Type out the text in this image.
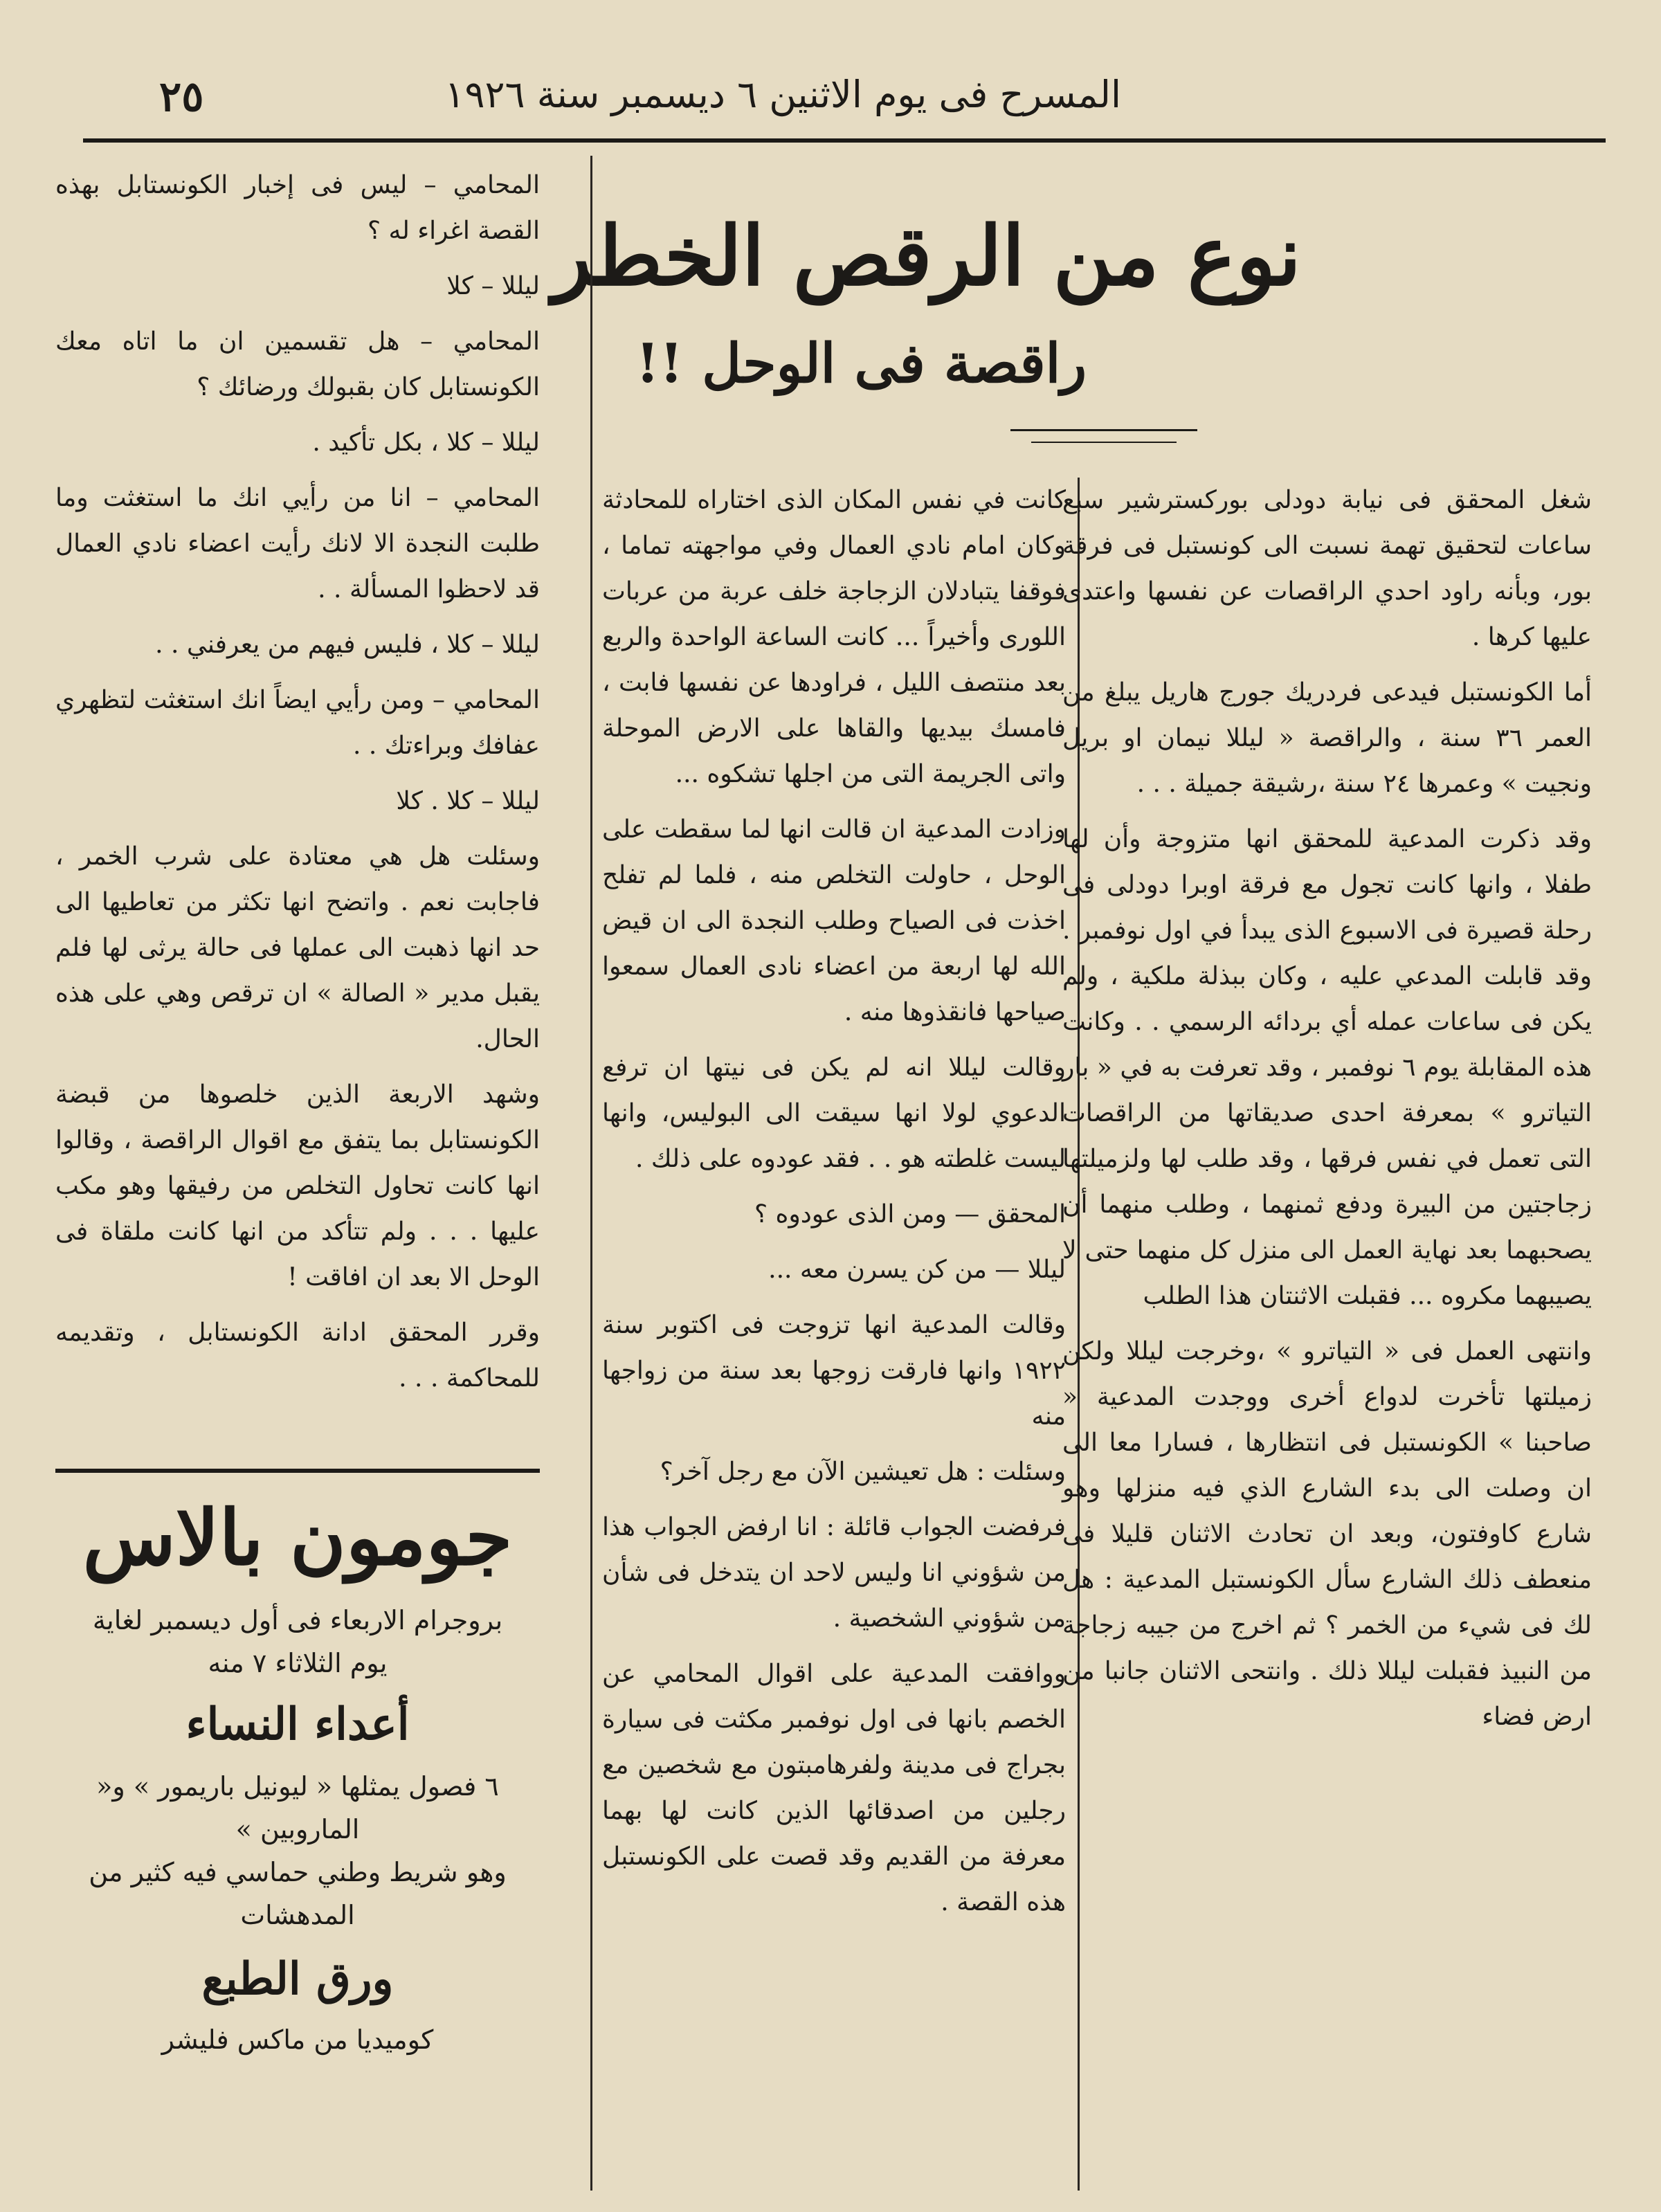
المسرح فى يوم الاثنين ٦ ديسمبر سنة ١٩٢٦
٢٥
نوع من الرقص الخطر
راقصة فى الوحل !!

شغل المحقق فى نيابة دودلى بوركسترشير سبع ساعات لتحقيق تهمة نسبت الى كونستبل فى فرقة بور، وبأنه راود احدي الراقصات عن نفسها واعتدى عليها كرها .

أما الكونستبل فيدعى فردريك جورج هاريل يبلغ من العمر ٣٦ سنة ، والراقصة « ليللا نيمان او بريل ونجيت » وعمرها ٢٤ سنة ،رشيقة جميلة . . .

وقد ذكرت المدعية للمحقق انها متزوجة وأن لها طفلا ، وانها كانت تجول مع فرقة اوبرا دودلى فى رحلة قصيرة فى الاسبوع الذى يبدأ في اول نوفمبر . وقد قابلت المدعي عليه ، وكان ببذلة ملكية ، ولم يكن فى ساعات عمله أي بردائه الرسمي . . وكانت هذه المقابلة يوم ٦ نوفمبر ، وقد تعرفت به في « بار التياترو » بمعرفة احدى صديقاتها من الراقصات التى تعمل في نفس فرقها ، وقد طلب لها ولزميلتها زجاجتين من البيرة ودفع ثمنهما ، وطلب منهما أن يصحبهما بعد نهاية العمل الى منزل كل منهما حتى لا يصيبهما مكروه ... فقبلت الاثنتان هذا الطلب

وانتهى العمل فى « التياترو » ،وخرجت ليللا ولكن زميلتها تأخرت لدواع أخرى ووجدت المدعية « صاحبنا » الكونستبل فى انتظارها ، فسارا معا الى ان وصلت الى بدء الشارع الذي فيه منزلها وهو شارع كاوفتون، وبعد ان تحادث الاثنان قليلا فى منعطف ذلك الشارع سأل الكونستبل المدعية : هل لك فى شيء من الخمر ؟ ثم اخرج من جيبه زجاجة من النبيذ فقبلت ليللا ذلك . وانتحى الاثنان جانبا من ارض فضاء

كانت في نفس المكان الذى اختاراه للمحادثة وكان امام نادي العمال وفي مواجهته تماما ، فوقفا يتبادلان الزجاجة خلف عربة من عربات اللورى وأخيراً ... كانت الساعة الواحدة والربع بعد منتصف الليل ، فراودها عن نفسها فابت ، فامسك بيديها والقاها على الارض الموحلة واتى الجريمة التى من اجلها تشكوه ...

وزادت المدعية ان قالت انها لما سقطت على الوحل ، حاولت التخلص منه ، فلما لم تفلح اخذت فى الصياح وطلب النجدة الى ان قيض الله لها اربعة من اعضاء نادى العمال سمعوا صياحها فانقذوها منه .

وقالت ليللا انه لم يكن فى نيتها ان ترفع الدعوي لولا انها سيقت الى البوليس، وانها ليست غلطته هو . . فقد عودوه على ذلك .

المحقق — ومن الذى عودوه ؟

ليللا — من كن يسرن معه ...

وقالت المدعية انها تزوجت فى اكتوبر سنة ١٩٢٢ وانها فارقت زوجها بعد سنة من زواجها منه

وسئلت : هل تعيشين الآن مع رجل آخر؟

فرفضت الجواب قائلة : انا ارفض الجواب هذا من شؤوني انا وليس لاحد ان يتدخل فى شأن من شؤوني الشخصية .

ووافقت المدعية على اقوال المحامي عن الخصم بانها فى اول نوفمبر مكثت فى سيارة بجراج فى مدينة ولفرهامبتون مع شخصين مع رجلين من اصدقائها الذين كانت لها بهما معرفة من القديم وقد قصت على الكونستبل هذه القصة .

المحامي – ليس فى إخبار الكونستابل بهذه القصة اغراء له ؟

ليللا – كلا

المحامي – هل تقسمين ان ما اتاه معك الكونستابل كان بقبولك ورضائك ؟

ليللا – كلا ، بكل تأكيد .

المحامي – انا من رأيي انك ما استغثت وما طلبت النجدة الا لانك رأيت اعضاء نادي العمال قد لاحظوا المسألة . .

ليللا – كلا ، فليس فيهم من يعرفني . .

المحامي – ومن رأيي ايضاً انك استغثت لتظهري عفافك وبراءتك . .

ليللا – كلا . كلا

وسئلت هل هي معتادة على شرب الخمر ، فاجابت نعم . واتضح انها تكثر من تعاطيها الى حد انها ذهبت الى عملها فى حالة يرثى لها فلم يقبل مدير « الصالة » ان ترقص وهي على هذه الحال.

وشهد الاربعة الذين خلصوها من قبضة الكونستابل بما يتفق مع اقوال الراقصة ، وقالوا انها كانت تحاول التخلص من رفيقها وهو مكب عليها . . . ولم تتأكد من انها كانت ملقاة فى الوحل الا بعد ان افاقت !

وقرر المحقق ادانة الكونستابل ، وتقديمه للمحاكمة . . .

جومون بالاس

بروجرام الاربعاء فى أول ديسمبر لغاية

يوم الثلاثاء ٧ منه

أعداء النساء

٦ فصول يمثلها « ليونيل باريمور » و« الماروبين »

وهو شريط وطني حماسي فيه كثير من المدهشات

ورق الطبع

كوميديا من ماكس فليشر
